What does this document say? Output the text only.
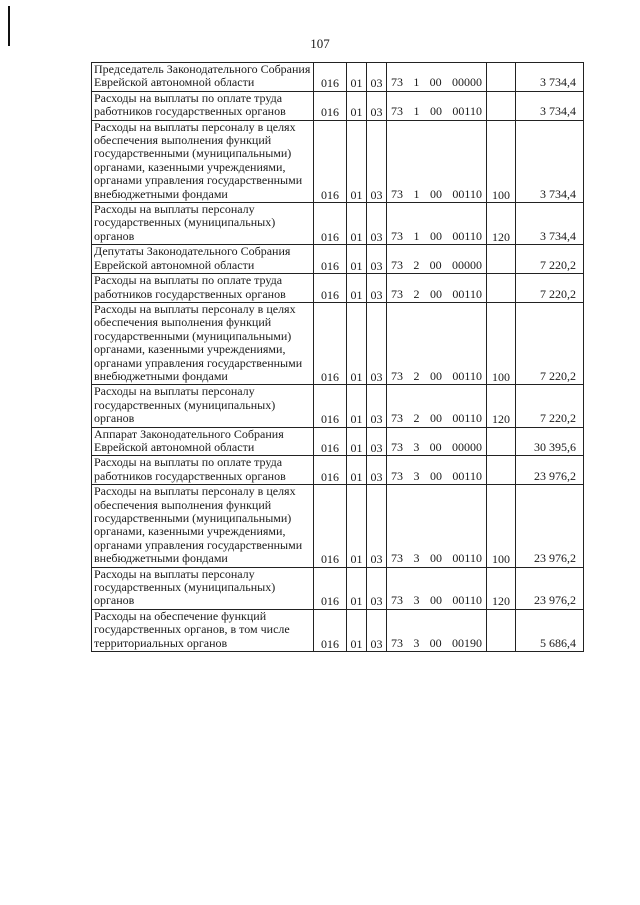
107
Председатель Законодательного Собрания Еврейской автономной области	016	01	03	73 1 00 00000		3 734,4
Расходы на выплаты по оплате труда работников государственных органов	016	01	03	73 1 00 00110		3 734,4
Расходы на выплаты персоналу в целях обеспечения выполнения функций государственными (муниципальными) органами, казенными учреждениями, органами управления государственными внебюджетными фондами	016	01	03	73 1 00 00110	100	3 734,4
Расходы на выплаты персоналу государственных (муниципальных) органов	016	01	03	73 1 00 00110	120	3 734,4
Депутаты Законодательного Собрания Еврейской автономной области	016	01	03	73 2 00 00000		7 220,2
Расходы на выплаты по оплате труда работников государственных органов	016	01	03	73 2 00 00110		7 220,2
Расходы на выплаты персоналу в целях обеспечения выполнения функций государственными (муниципальными) органами, казенными учреждениями, органами управления государственными внебюджетными фондами	016	01	03	73 2 00 00110	100	7 220,2
Расходы на выплаты персоналу государственных (муниципальных) органов	016	01	03	73 2 00 00110	120	7 220,2
Аппарат Законодательного Собрания Еврейской автономной области	016	01	03	73 3 00 00000		30 395,6
Расходы на выплаты по оплате труда работников государственных органов	016	01	03	73 3 00 00110		23 976,2
Расходы на выплаты персоналу в целях обеспечения выполнения функций государственными (муниципальными) органами, казенными учреждениями, органами управления государственными внебюджетными фондами	016	01	03	73 3 00 00110	100	23 976,2
Расходы на выплаты персоналу государственных (муниципальных) органов	016	01	03	73 3 00 00110	120	23 976,2
Расходы на обеспечение функций государственных органов, в том числе территориальных органов	016	01	03	73 3 00 00190		5 686,4
